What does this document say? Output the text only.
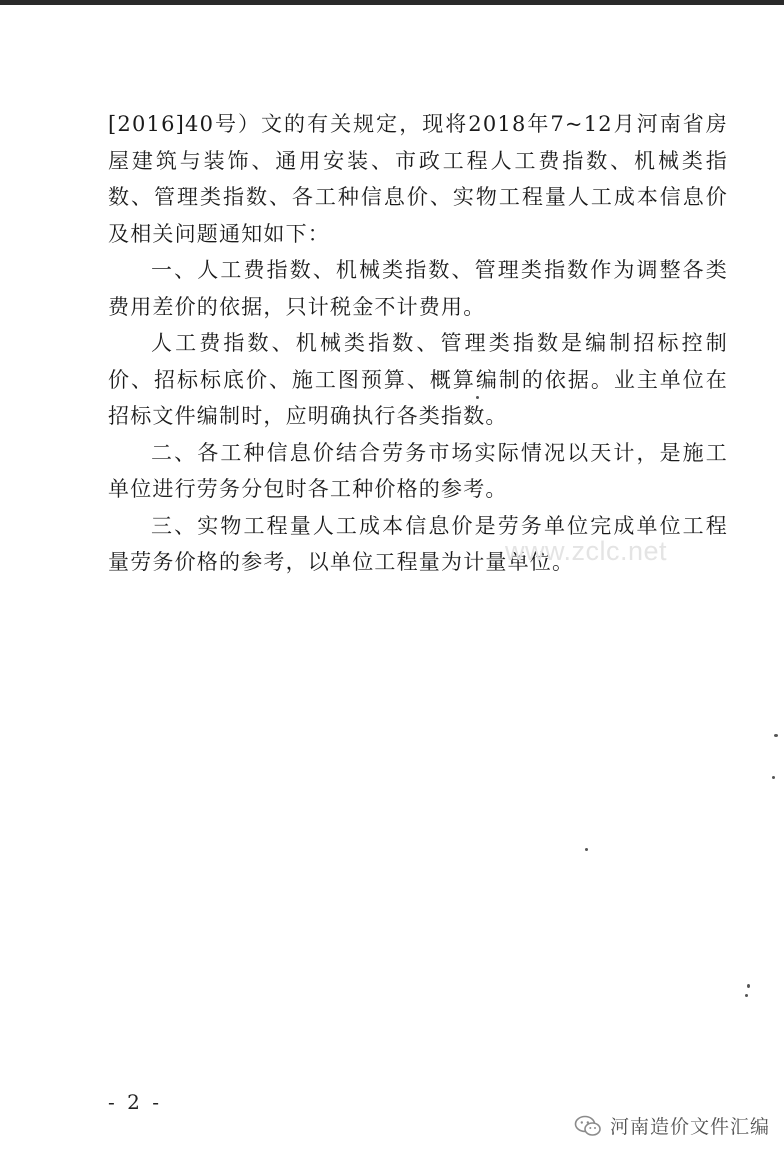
[2016]40号）文的有关规定，现将2018年7~12月河南省房屋建筑与装饰、通用安装、市政工程人工费指数、机械类指数、管理类指数、各工种信息价、实物工程量人工成本信息价及相关问题通知如下：

一、人工费指数、机械类指数、管理类指数作为调整各类费用差价的依据，只计税金不计费用。

人工费指数、机械类指数、管理类指数是编制招标控制价、招标标底价、施工图预算、概算编制的依据。业主单位在招标文件编制时，应明确执行各类指数。

二、各工种信息价结合劳务市场实际情况以天计，是施工单位进行劳务分包时各工种价格的参考。

三、实物工程量人工成本信息价是劳务单位完成单位工程量劳务价格的参考，以单位工程量为计量单位。

www.zclc.net
- 2 -
河南造价文件汇编
